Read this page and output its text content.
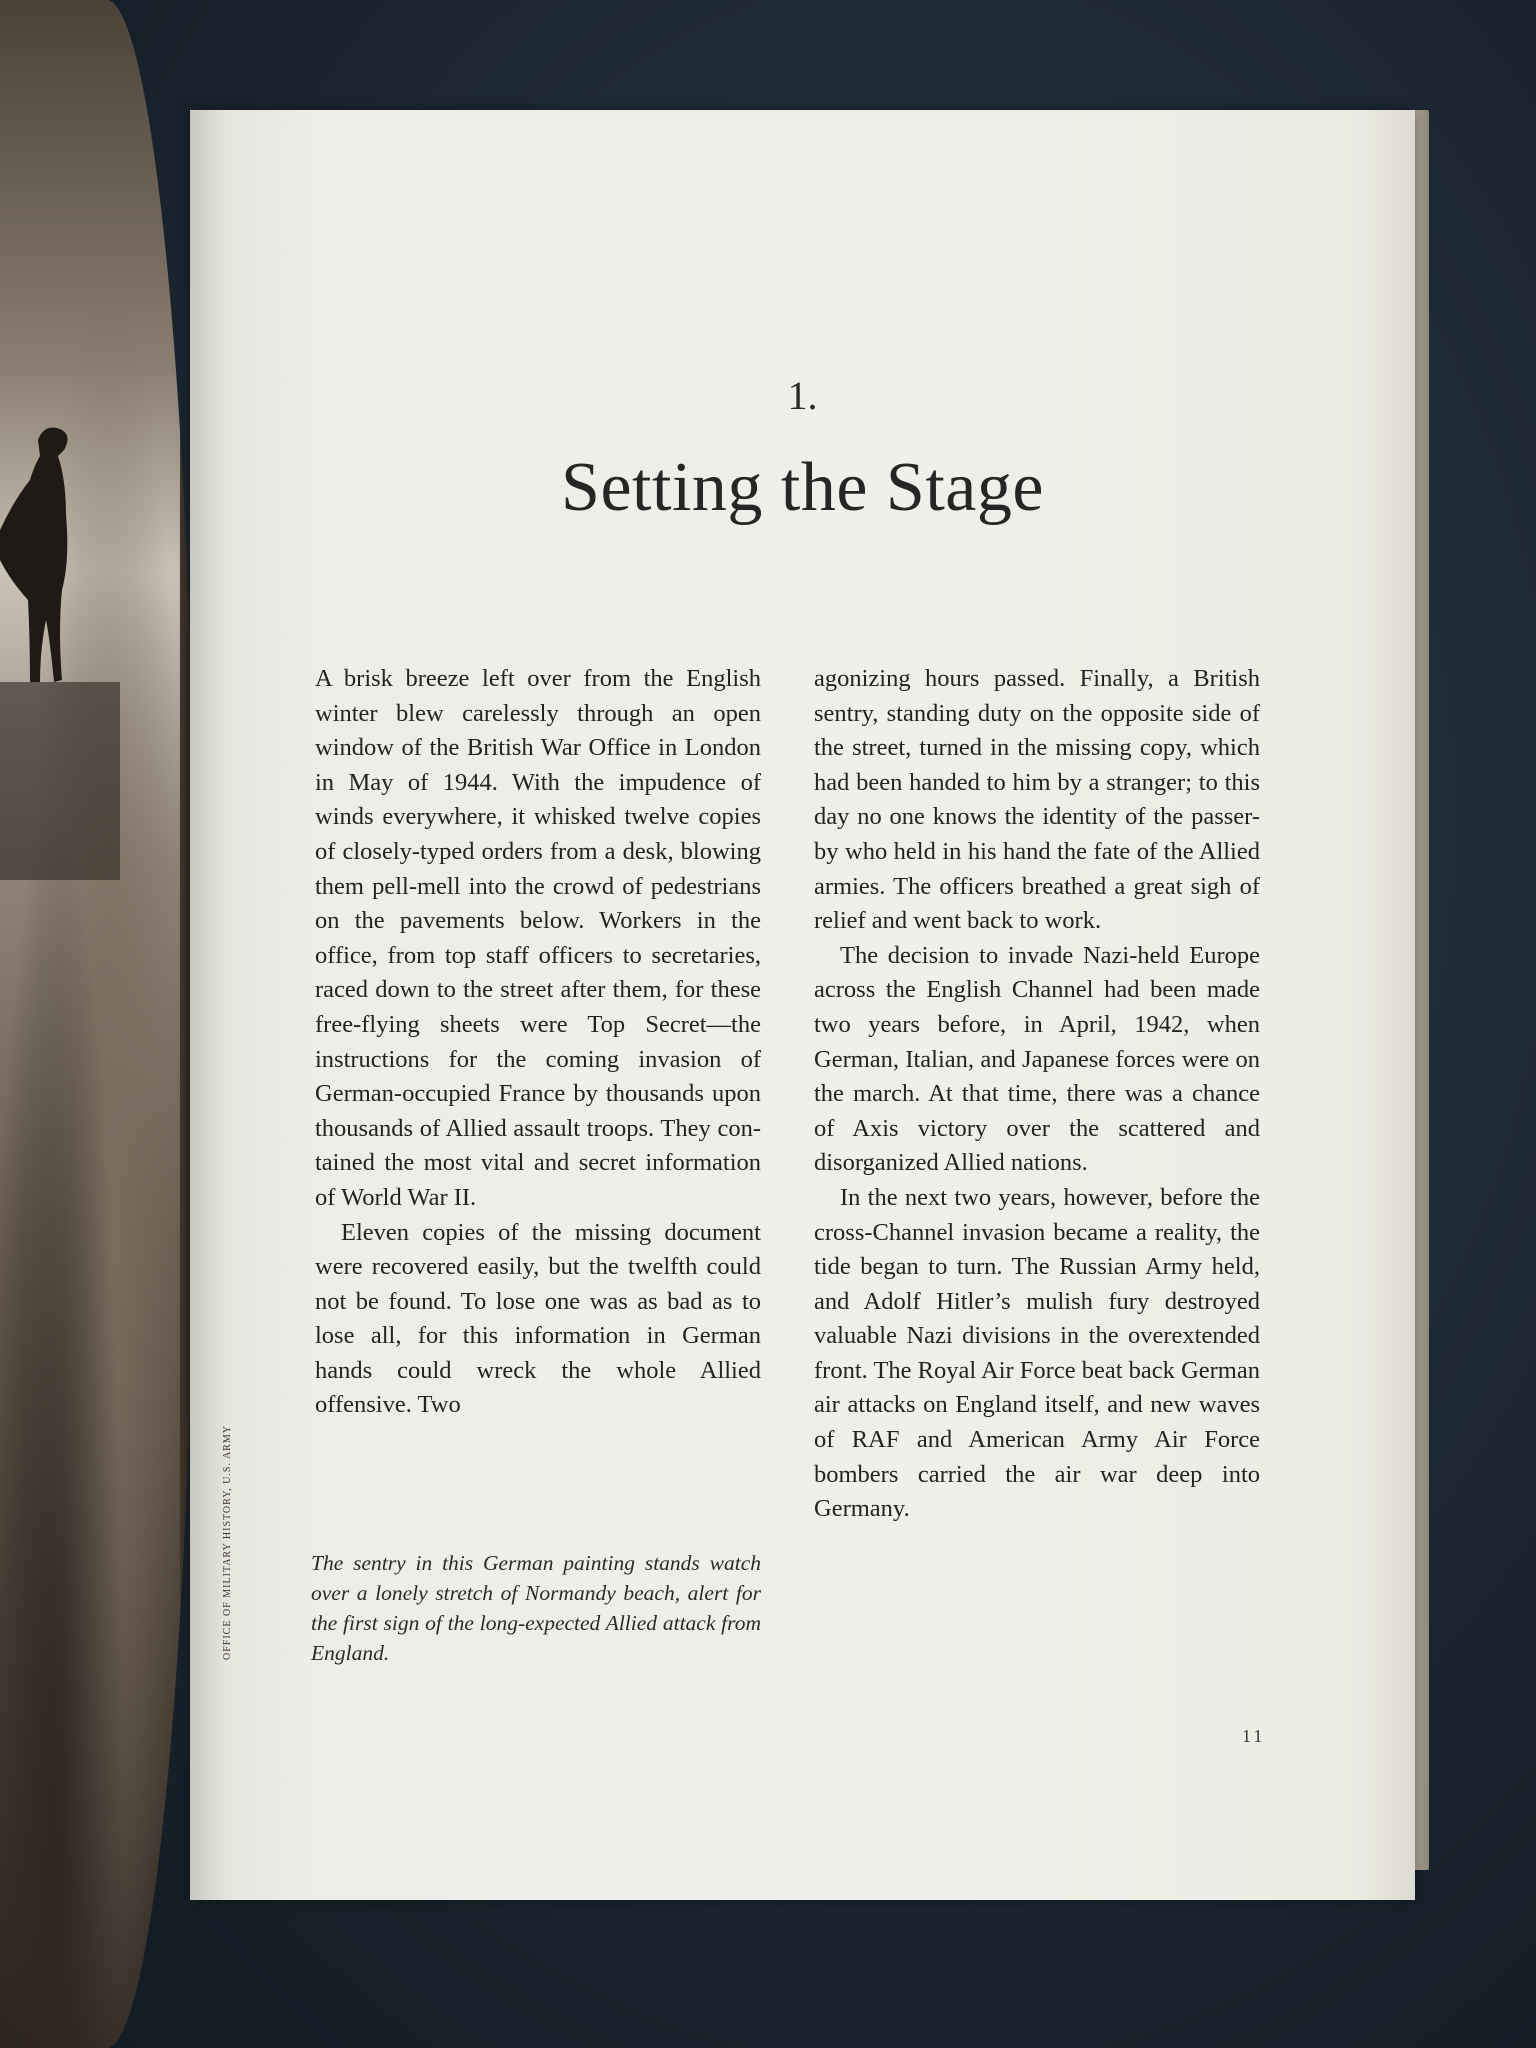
1.
Setting the Stage

A brisk breeze left over from the English winter blew carelessly through an open window of the British War Office in London in May of 1944. With the impudence of winds everywhere, it whisked twelve copies of closely-typed orders from a desk, blowing them pell-mell into the crowd of pedestrians on the pavements below. Workers in the office, from top staff officers to secretaries, raced down to the street after them, for these free-flying sheets were Top Secret—the instructions for the coming invasion of German-occupied France by thousands upon thousands of Allied assault troops. They contained the most vital and secret information of World War II.

Eleven copies of the missing document were recovered easily, but the twelfth could not be found. To lose one was as bad as to lose all, for this information in German hands could wreck the whole Allied offensive. Two

The sentry in this German painting stands watch over a lonely stretch of Normandy beach, alert for the first sign of the long-expected Allied attack from England.

agonizing hours passed. Finally, a British sentry, standing duty on the opposite side of the street, turned in the missing copy, which had been handed to him by a stranger; to this day no one knows the identity of the passer-by who held in his hand the fate of the Allied armies. The officers breathed a great sigh of relief and went back to work.

The decision to invade Nazi-held Europe across the English Channel had been made two years before, in April, 1942, when German, Italian, and Japanese forces were on the march. At that time, there was a chance of Axis victory over the scattered and disorganized Allied nations.

In the next two years, however, before the cross-Channel invasion became a reality, the tide began to turn. The Russian Army held, and Adolf Hitler’s mulish fury destroyed valuable Nazi divisions in the overextended front. The Royal Air Force beat back German air attacks on England itself, and new waves of RAF and American Army Air Force bombers carried the air war deep into Germany.

11
OFFICE OF MILITARY HISTORY, U.S. ARMY
